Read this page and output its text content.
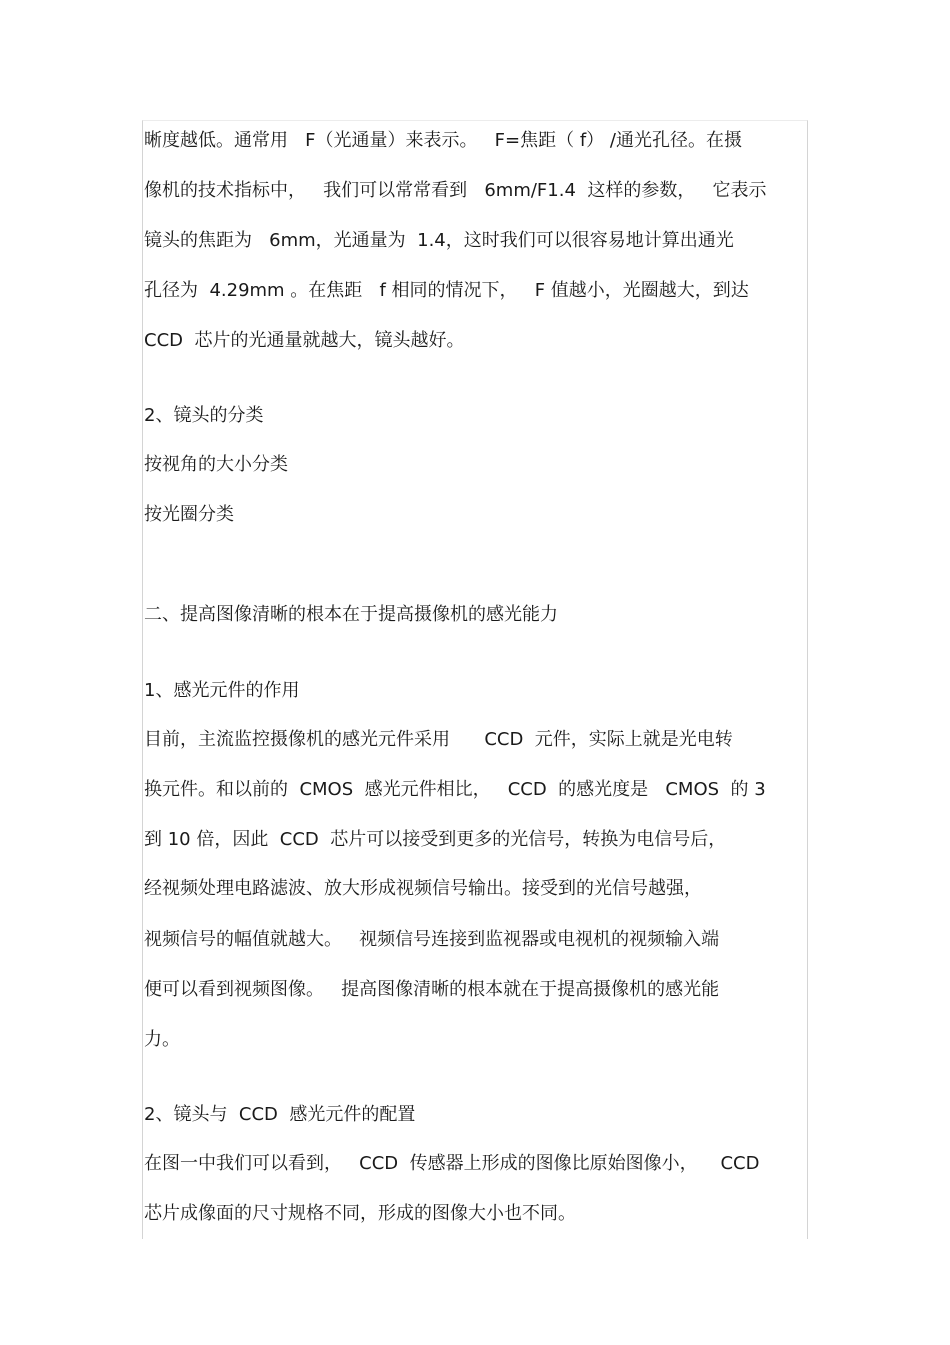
晰度越低。通常用   F（光通量）来表示。   F=焦距（ f） /通光孔径。在摄
像机的技术指标中，   我们可以常常看到   6mm/F1.4  这样的参数，   它表示
镜头的焦距为   6mm，光通量为  1.4，这时我们可以很容易地计算出通光
孔径为  4.29mm 。在焦距   f 相同的情况下，   F 值越小，光圈越大，到达
CCD  芯片的光通量就越大，镜头越好。
2、镜头的分类
按视角的大小分类
按光圈分类
二、提高图像清晰的根本在于提高摄像机的感光能力
1、感光元件的作用
目前，主流监控摄像机的感光元件采用      CCD  元件，实际上就是光电转
换元件。和以前的  CMOS  感光元件相比，   CCD  的感光度是   CMOS  的 3
到 10 倍，因此  CCD  芯片可以接受到更多的光信号，转换为电信号后，
经视频处理电路滤波、放大形成视频信号输出。接受到的光信号越强，
视频信号的幅值就越大。   视频信号连接到监视器或电视机的视频输入端
便可以看到视频图像。   提高图像清晰的根本就在于提高摄像机的感光能
力。
2、镜头与  CCD  感光元件的配置
在图一中我们可以看到，   CCD  传感器上形成的图像比原始图像小，    CCD
芯片成像面的尺寸规格不同，形成的图像大小也不同。
